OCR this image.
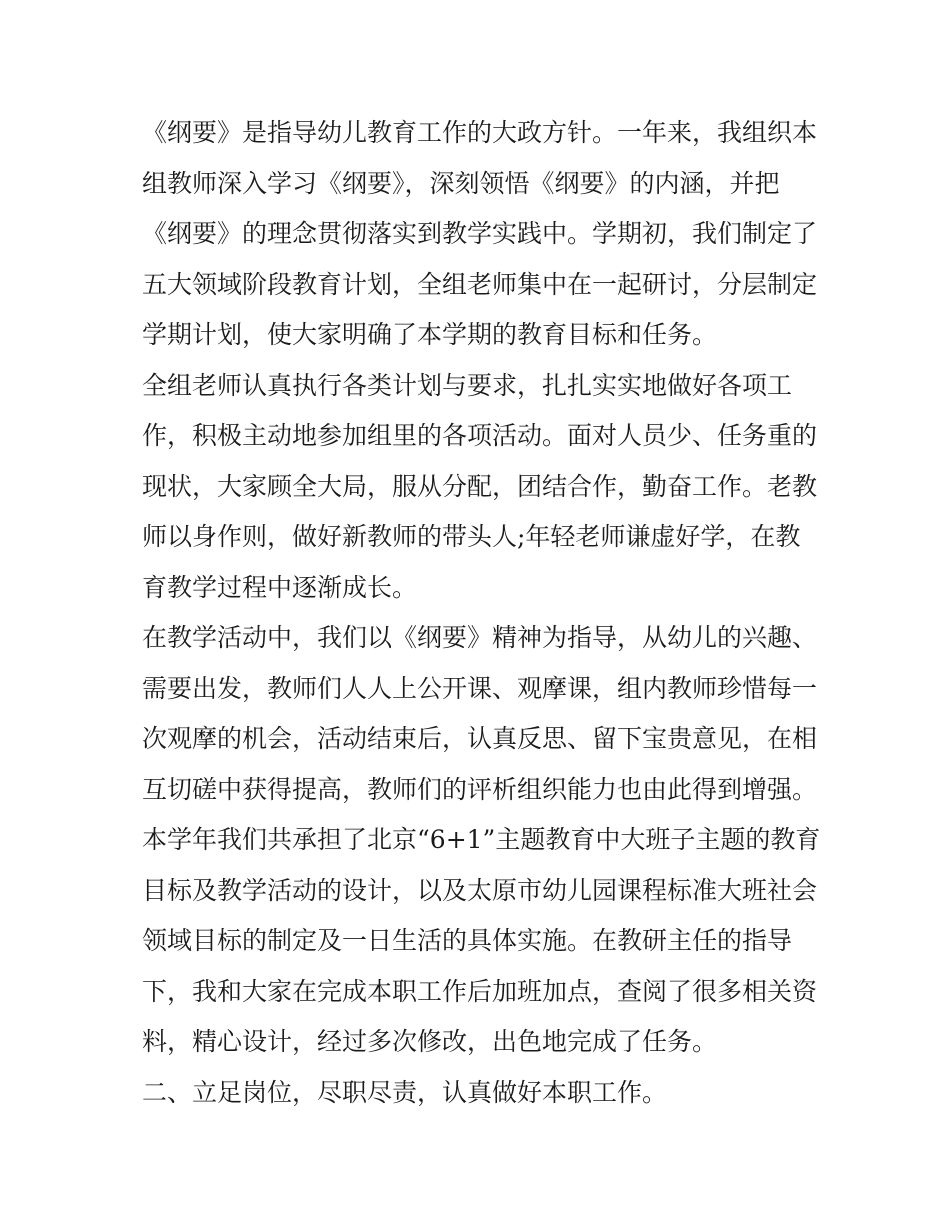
《纲要》是指导幼儿教育工作的大政方针。一年来，我组织本
组教师深入学习《纲要》，深刻领悟《纲要》的内涵，并把
《纲要》的理念贯彻落实到教学实践中。学期初，我们制定了
五大领域阶段教育计划，全组老师集中在一起研讨，分层制定
学期计划，使大家明确了本学期的教育目标和任务。
全组老师认真执行各类计划与要求，扎扎实实地做好各项工
作，积极主动地参加组里的各项活动。面对人员少、任务重的
现状，大家顾全大局，服从分配，团结合作，勤奋工作。老教
师以身作则，做好新教师的带头人;年轻老师谦虚好学，在教
育教学过程中逐渐成长。
在教学活动中，我们以《纲要》精神为指导，从幼儿的兴趣、
需要出发，教师们人人上公开课、观摩课，组内教师珍惜每一
次观摩的机会，活动结束后，认真反思、留下宝贵意见，在相
互切磋中获得提高，教师们的评析组织能力也由此得到增强。
本学年我们共承担了北京“6+1”主题教育中大班子主题的教育
目标及教学活动的设计，以及太原市幼儿园课程标准大班社会
领域目标的制定及一日生活的具体实施。在教研主任的指导
下，我和大家在完成本职工作后加班加点，查阅了很多相关资
料，精心设计，经过多次修改，出色地完成了任务。
二、立足岗位，尽职尽责，认真做好本职工作。
